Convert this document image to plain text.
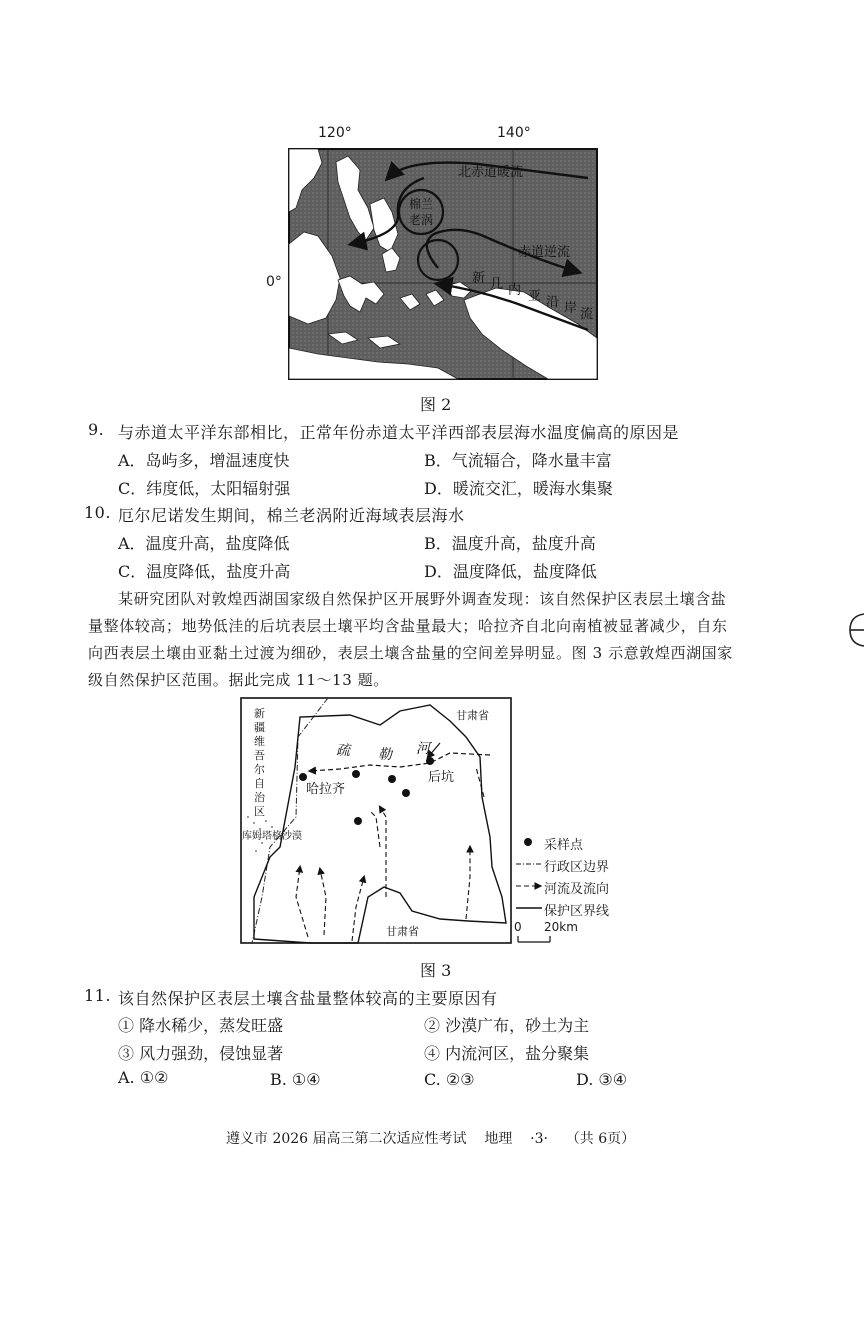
120°	140°
0°
北赤道暖流
棉兰
老涡
赤道逆流
新 几 内 亚 沿 岸 流
图 2
9. 与赤道太平洋东部相比，正常年份赤道太平洋西部表层海水温度偏高的原因是
A．岛屿多，增温速度快	B．气流辐合，降水量丰富
C．纬度低，太阳辐射强	D．暖流交汇，暖海水集聚
10. 厄尔尼诺发生期间，棉兰老涡附近海域表层海水
A．温度升高，盐度降低	B．温度升高，盐度升高
C．温度降低，盐度升高	D．温度降低，盐度降低
某研究团队对敦煌西湖国家级自然保护区开展野外调查发现：该自然保护区表层土壤含盐
量整体较高；地势低洼的后坑表层土壤平均含盐量最大；哈拉齐自北向南植被显著减少，自东
向西表层土壤由亚黏土过渡为细砂，表层土壤含盐量的空间差异明显。图 3 示意敦煌西湖国家
级自然保护区范围。据此完成 11～13 题。
新
疆
维
吾
尔
自
治
区
甘肃省
甘肃省
库姆塔格沙漠
疏 勒 河
哈拉齐
后坑
采样点
行政区边界
河流及流向
保护区界线
0 20km
图 3
11. 该自然保护区表层土壤含盐量整体较高的主要原因有
① 降水稀少，蒸发旺盛	② 沙漠广布，砂土为主
③ 风力强劲，侵蚀显著	④ 内流河区，盐分聚集
A. ①②	B. ①④	C. ②③	D. ③④
遵义市 2026 届高三第二次适应性考试    地理    ·3·    （共 6页）
